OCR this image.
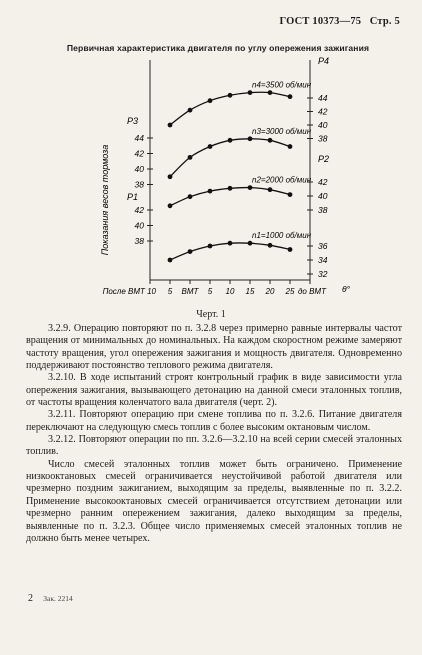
ГОСТ 10373—75 Стр. 5
Первичная характеристика двигателя по углу опережения зажигания
После ВМТ 10 5 ВМТ 5 10 15 20 25 до ВМТ θ°
44
42
40
38
P3
42
40
38
P1
44
42
40
38
P4
42
40
38
P2
36
34
32
Показания весов тормоза
n4=3500 об/мин
n3=3000 об/мин
n2=2000 об/мин
n1=1000 об/мин
Черт. 1

3.2.9. Операцию повторяют по п. 3.2.8 через примерно равные интервалы частот вращения от минимальных до номинальных. На каждом скоростном режиме замеряют частоту вращения, угол опережения зажигания и мощность двигателя. Одновременно поддерживают постоянство теплового режима двигателя.

3.2.10. В ходе испытаний строят контрольный график в виде зависимости угла опережения зажигания, вызывающего детонацию на данной смеси эталонных топлив, от частоты вращения коленчатого вала двигателя (черт. 2).

3.2.11. Повторяют операцию при смене топлива по п. 3.2.6. Питание двигателя переключают на следующую смесь топлив с более высоким октановым числом.

3.2.12. Повторяют операции по пп. 3.2.6—3.2.10 на всей серии смесей эталонных топлив.

Число смесей эталонных топлив может быть ограничено. Применение низкооктановых смесей ограничивается неустойчивой работой двигателя или чрезмерно поздним зажиганием, выходящим за пределы, выявленные по п. 3.2.2. Применение высокооктановых смесей ограничивается отсутствием детонации или чрезмерно ранним опережением зажигания, далеко выходящим за пределы, выявленные по п. 3.2.3. Общее число применяемых смесей эталонных топлив не должно быть менее четырех.

2 Зак. 2214
